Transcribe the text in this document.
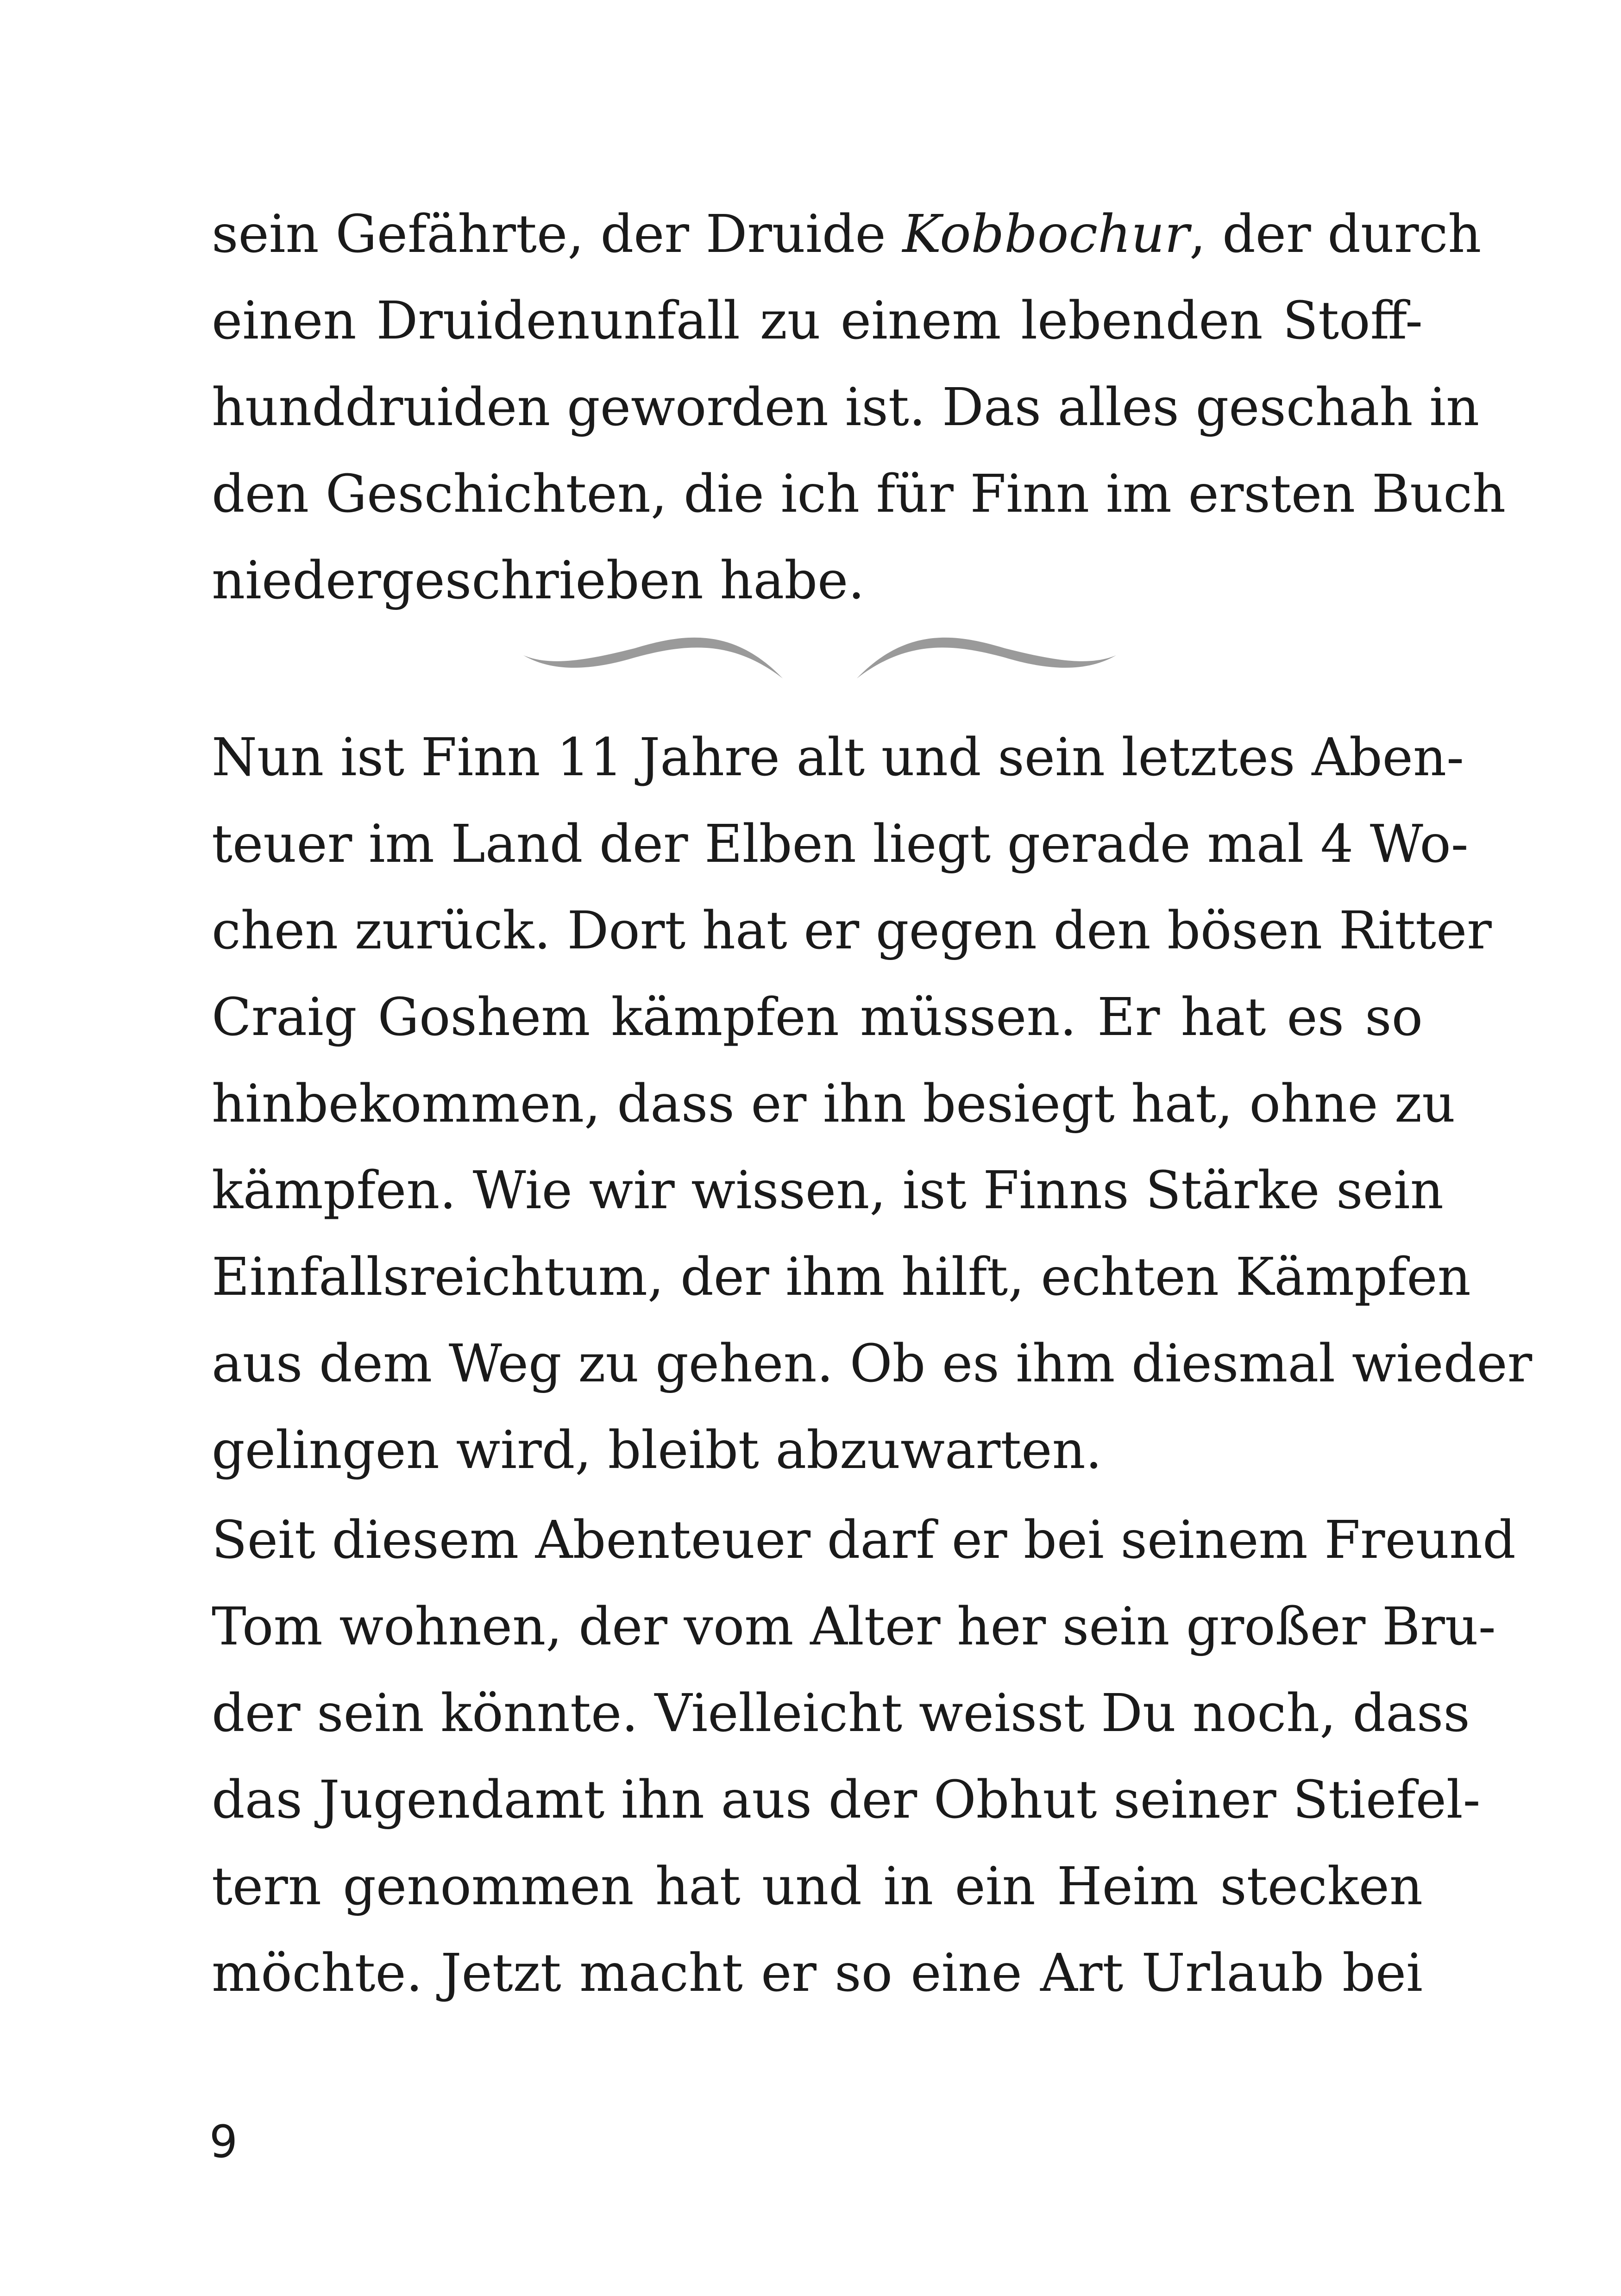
sein Gefährte, der Druide Kobbochur, der durch
einen Druidenunfall zu einem lebenden Stoff-
hunddruiden geworden ist. Das alles geschah in
den Geschichten, die ich für Finn im ersten Buch
niedergeschrieben habe.
Nun ist Finn 11 Jahre alt und sein letztes Aben-
teuer im Land der Elben liegt gerade mal 4 Wo-
chen zurück. Dort hat er gegen den bösen Ritter
Craig Goshem kämpfen müssen. Er hat es so
hinbekommen, dass er ihn besiegt hat, ohne zu
kämpfen. Wie wir wissen, ist Finns Stärke sein
Einfallsreichtum, der ihm hilft, echten Kämpfen
aus dem Weg zu gehen. Ob es ihm diesmal wieder
gelingen wird, bleibt abzuwarten.
Seit diesem Abenteuer darf er bei seinem Freund
Tom wohnen, der vom Alter her sein großer Bru-
der sein könnte. Vielleicht weisst Du noch, dass
das Jugendamt ihn aus der Obhut seiner Stiefel-
tern genommen hat und in ein Heim stecken
möchte. Jetzt macht er so eine Art Urlaub bei
9
